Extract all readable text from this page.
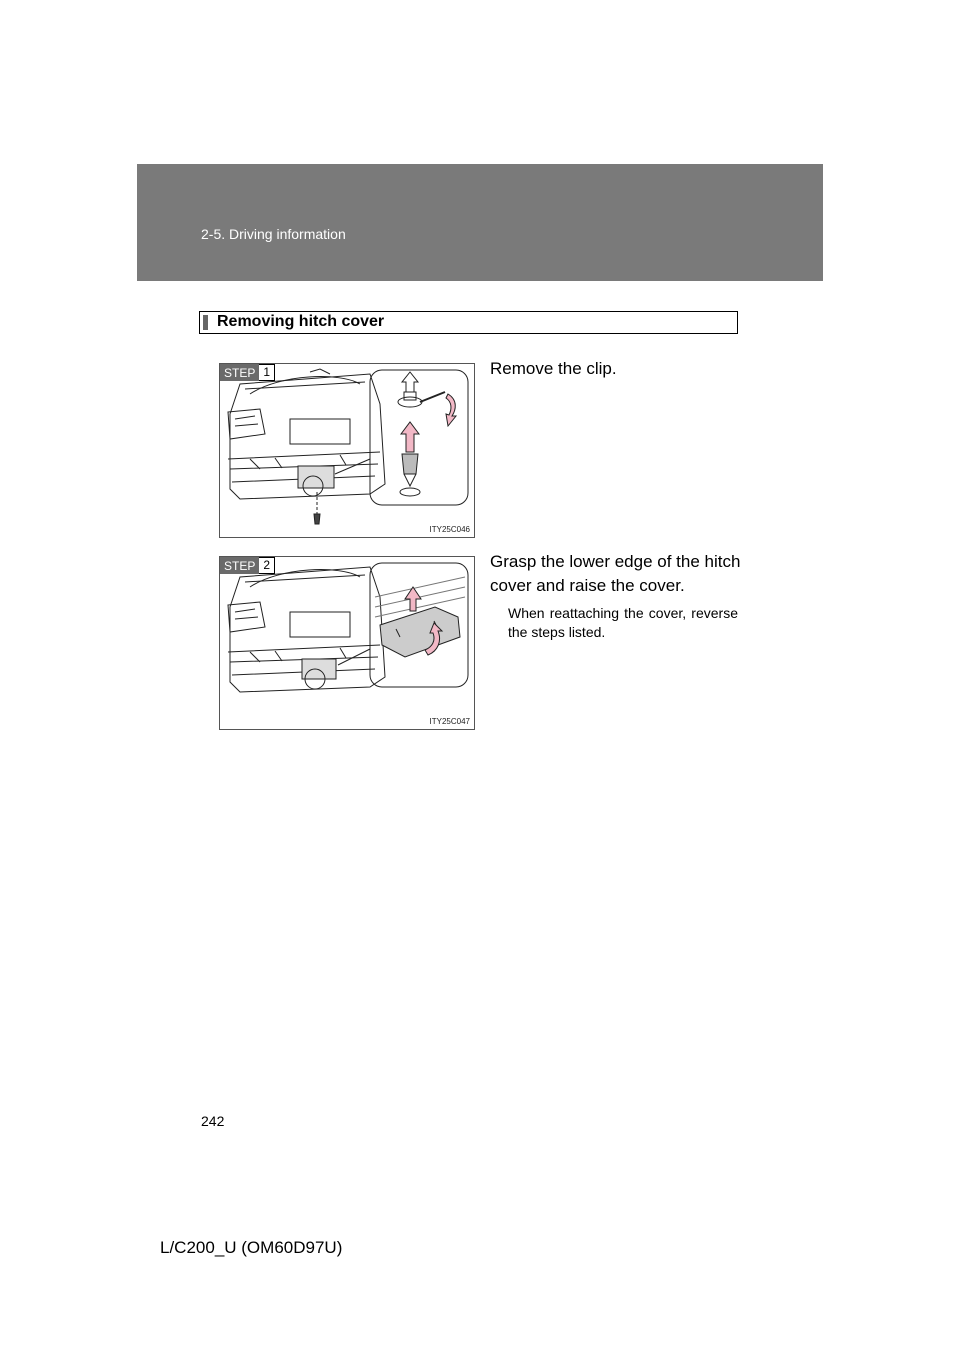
2-5. Driving information
Removing hitch cover
STEP 1
ITY25C046
Remove the clip.
STEP 2
ITY25C047
Grasp the lower edge of the hitch cover and raise the cover.
When reattaching the cover, reverse the steps listed.
242
L/C200_U (OM60D97U)
